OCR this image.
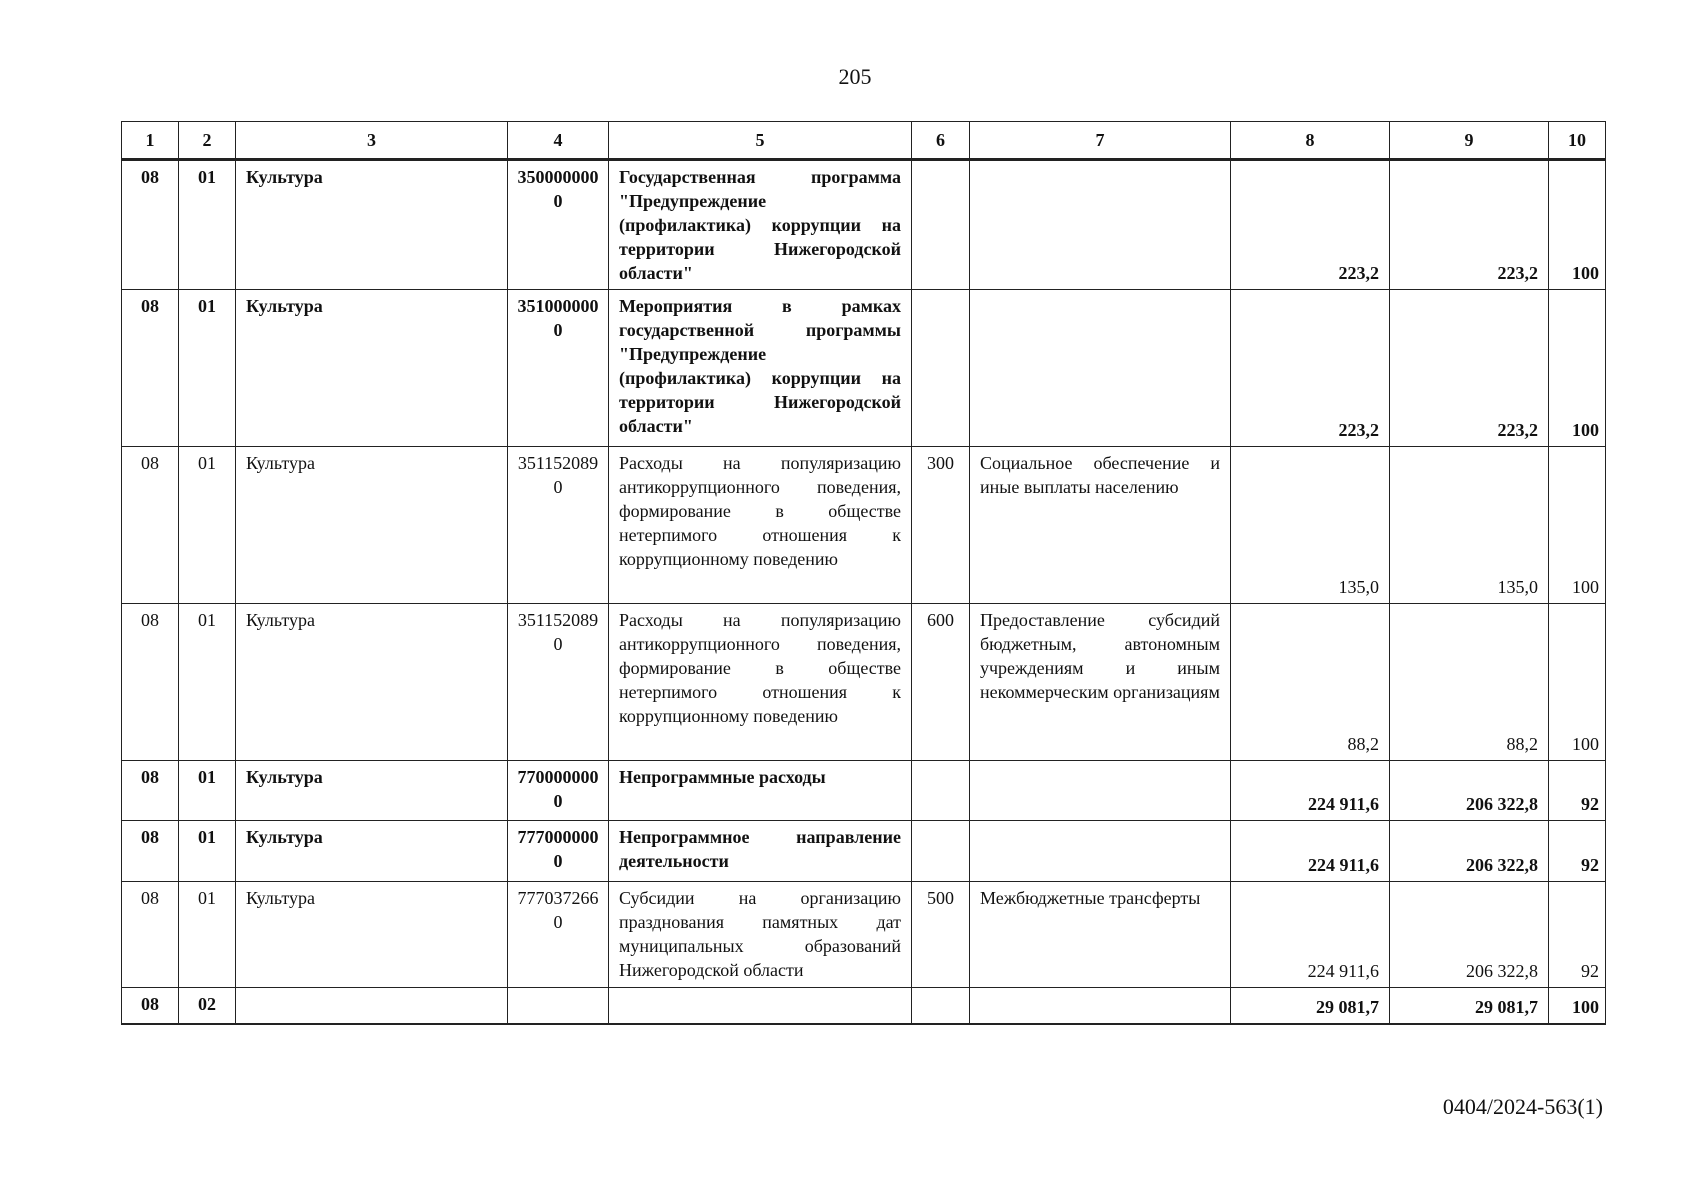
205
1	2	3	4	5	6	7	8	9	10
08	01	Культура	3500000000	Государственная программа "Предупреждение (профилактика) коррупции на территории Нижегородской области"			223,2	223,2	100
08	01	Культура	3510000000	Мероприятия в рамках государственной программы "Предупреждение (профилактика) коррупции на территории Нижегородской области"			223,2	223,2	100
08	01	Культура	3511520890	Расходы на популяризацию антикоррупционного поведения, формирование в обществе нетерпимого отношения к коррупционному поведению	300	Социальное обеспечение и иные выплаты населению	135,0	135,0	100
08	01	Культура	3511520890	Расходы на популяризацию антикоррупционного поведения, формирование в обществе нетерпимого отношения к коррупционному поведению	600	Предоставление субсидий бюджетным, автономным учреждениям и иным некоммерческим организациям	88,2	88,2	100
08	01	Культура	7700000000	Непрограммные расходы			224 911,6	206 322,8	92
08	01	Культура	7770000000	Непрограммное направление деятельности			224 911,6	206 322,8	92
08	01	Культура	7770372660	Субсидии на организацию празднования памятных дат муниципальных образований Нижегородской области	500	Межбюджетные трансферты	224 911,6	206 322,8	92
08	02						29 081,7	29 081,7	100
0404/2024-563(1)
